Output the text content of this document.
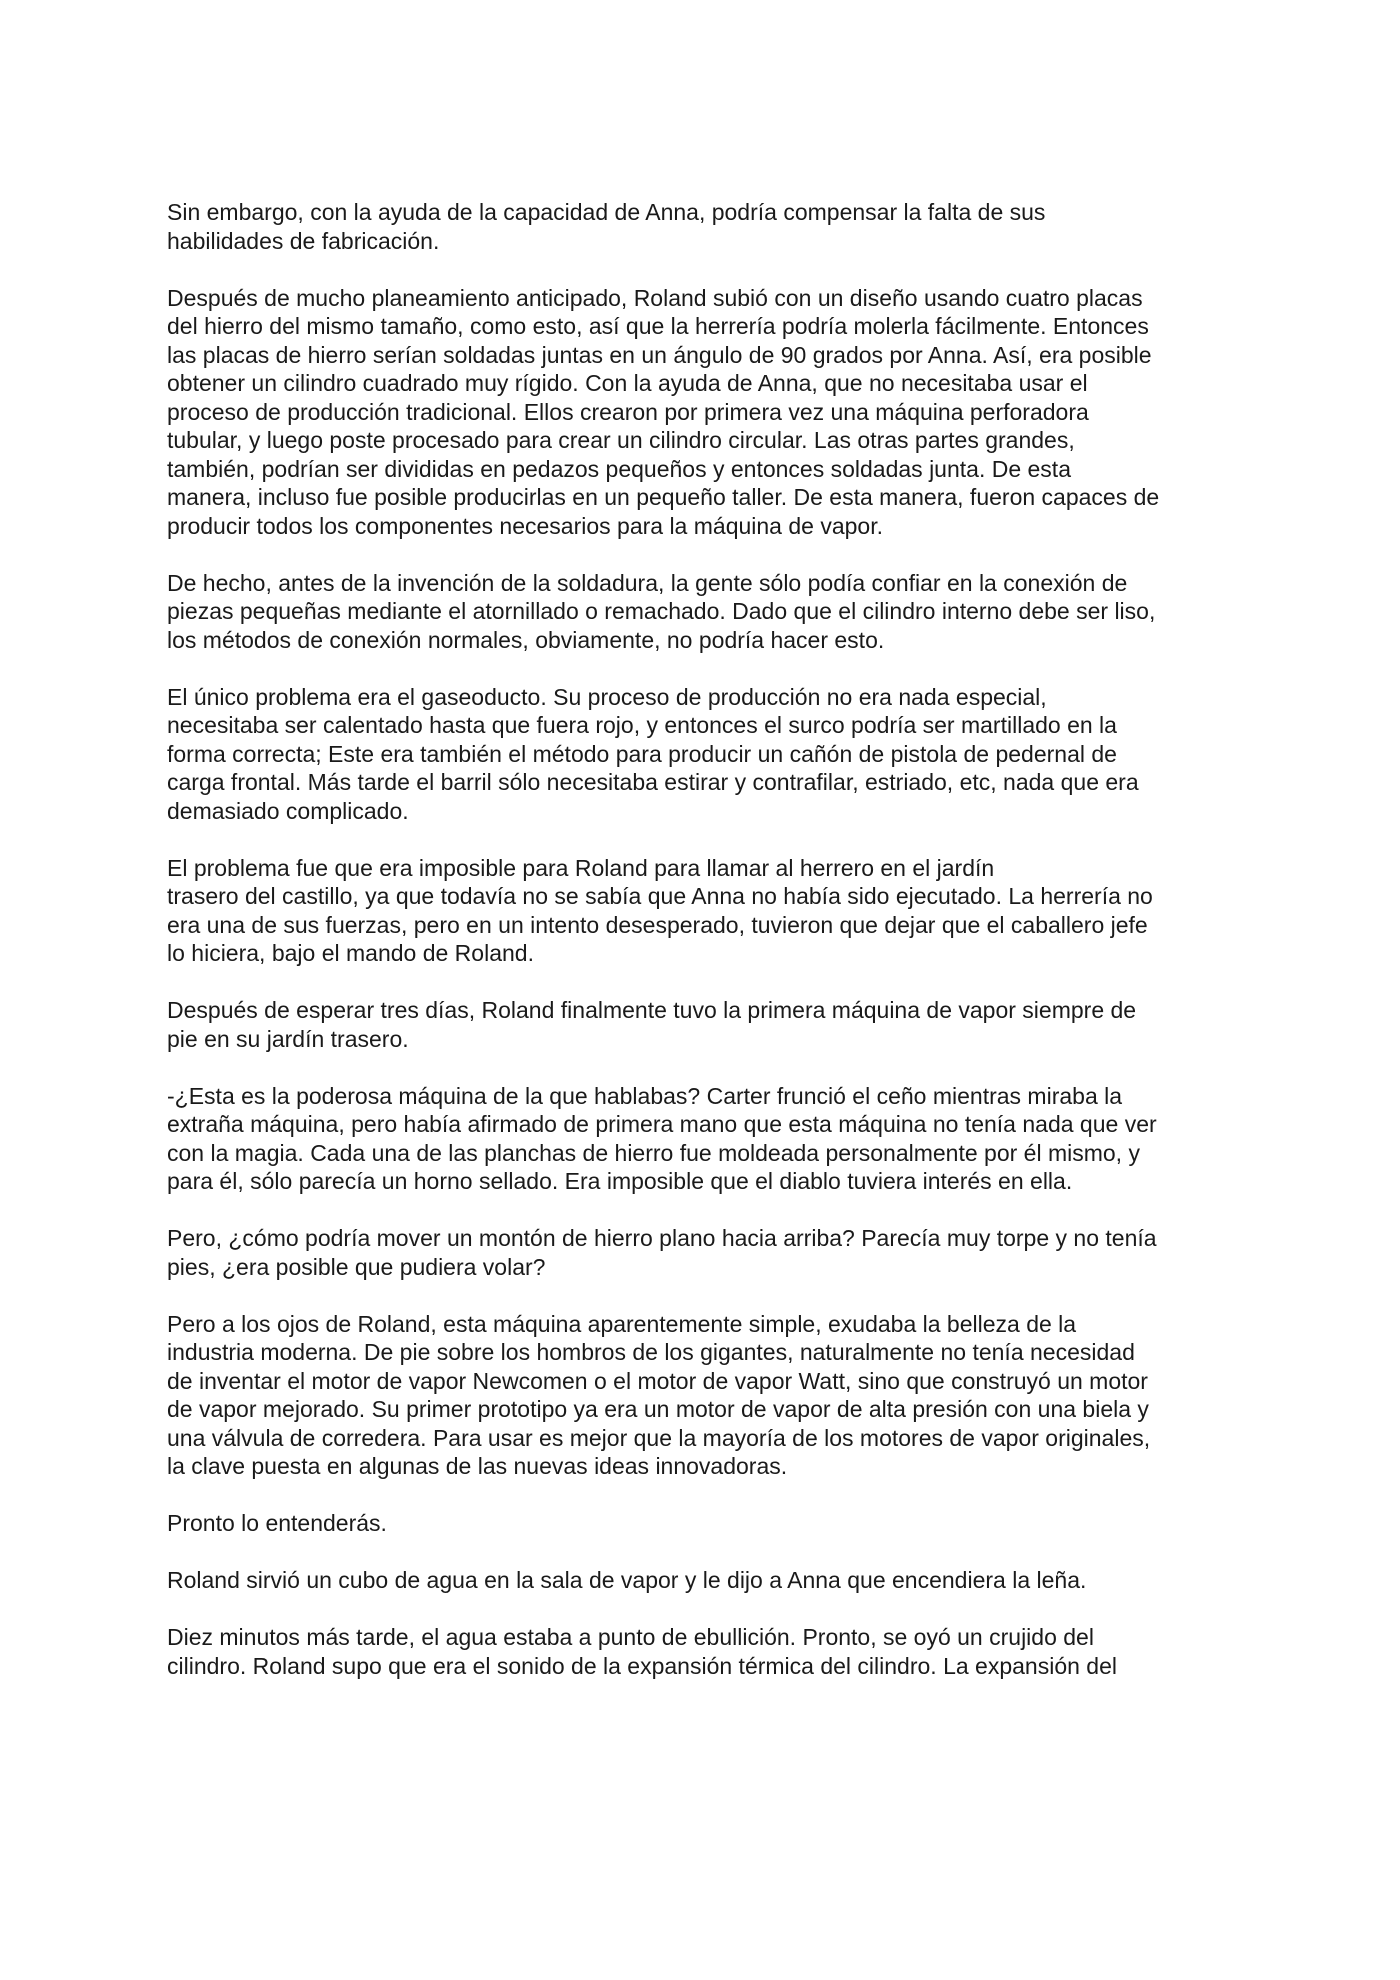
Sin embargo, con la ayuda de la capacidad de Anna, podría compensar la falta de sus
habilidades de fabricación.

Después de mucho planeamiento anticipado, Roland subió con un diseño usando cuatro placas
del hierro del mismo tamaño, como esto, así que la herrería podría molerla fácilmente. Entonces
las placas de hierro serían soldadas juntas en un ángulo de 90 grados por Anna. Así, era posible
obtener un cilindro cuadrado muy rígido. Con la ayuda de Anna, que no necesitaba usar el
proceso de producción tradicional. Ellos crearon por primera vez una máquina perforadora
tubular, y luego poste procesado para crear un cilindro circular. Las otras partes grandes,
también, podrían ser divididas en pedazos pequeños y entonces soldadas junta. De esta
manera, incluso fue posible producirlas en un pequeño taller. De esta manera, fueron capaces de
producir todos los componentes necesarios para la máquina de vapor.

De hecho, antes de la invención de la soldadura, la gente sólo podía confiar en la conexión de
piezas pequeñas mediante el atornillado o remachado. Dado que el cilindro interno debe ser liso,
los métodos de conexión normales, obviamente, no podría hacer esto.

El único problema era el gaseoducto. Su proceso de producción no era nada especial,
necesitaba ser calentado hasta que fuera rojo, y entonces el surco podría ser martillado en la
forma correcta; Este era también el método para producir un cañón de pistola de pedernal de
carga frontal. Más tarde el barril sólo necesitaba estirar y contrafilar, estriado, etc, nada que era
demasiado complicado.

El problema fue que era imposible para Roland para llamar al herrero en el jardín
trasero del castillo, ya que todavía no se sabía que Anna no había sido ejecutado. La herrería no
era una de sus fuerzas, pero en un intento desesperado, tuvieron que dejar que el caballero jefe
lo hiciera, bajo el mando de Roland.

Después de esperar tres días, Roland finalmente tuvo la primera máquina de vapor siempre de
pie en su jardín trasero.

-¿Esta es la poderosa máquina de la que hablabas? Carter frunció el ceño mientras miraba la
extraña máquina, pero había afirmado de primera mano que esta máquina no tenía nada que ver
con la magia. Cada una de las planchas de hierro fue moldeada personalmente por él mismo, y
para él, sólo parecía un horno sellado. Era imposible que el diablo tuviera interés en ella.

Pero, ¿cómo podría mover un montón de hierro plano hacia arriba? Parecía muy torpe y no tenía
pies, ¿era posible que pudiera volar?

Pero a los ojos de Roland, esta máquina aparentemente simple, exudaba la belleza de la
industria moderna. De pie sobre los hombros de los gigantes, naturalmente no tenía necesidad
de inventar el motor de vapor Newcomen o el motor de vapor Watt, sino que construyó un motor
de vapor mejorado. Su primer prototipo ya era un motor de vapor de alta presión con una biela y
una válvula de corredera. Para usar es mejor que la mayoría de los motores de vapor originales,
la clave puesta en algunas de las nuevas ideas innovadoras.

Pronto lo entenderás.

Roland sirvió un cubo de agua en la sala de vapor y le dijo a Anna que encendiera la leña.

Diez minutos más tarde, el agua estaba a punto de ebullición. Pronto, se oyó un crujido del
cilindro. Roland supo que era el sonido de la expansión térmica del cilindro. La expansión del
